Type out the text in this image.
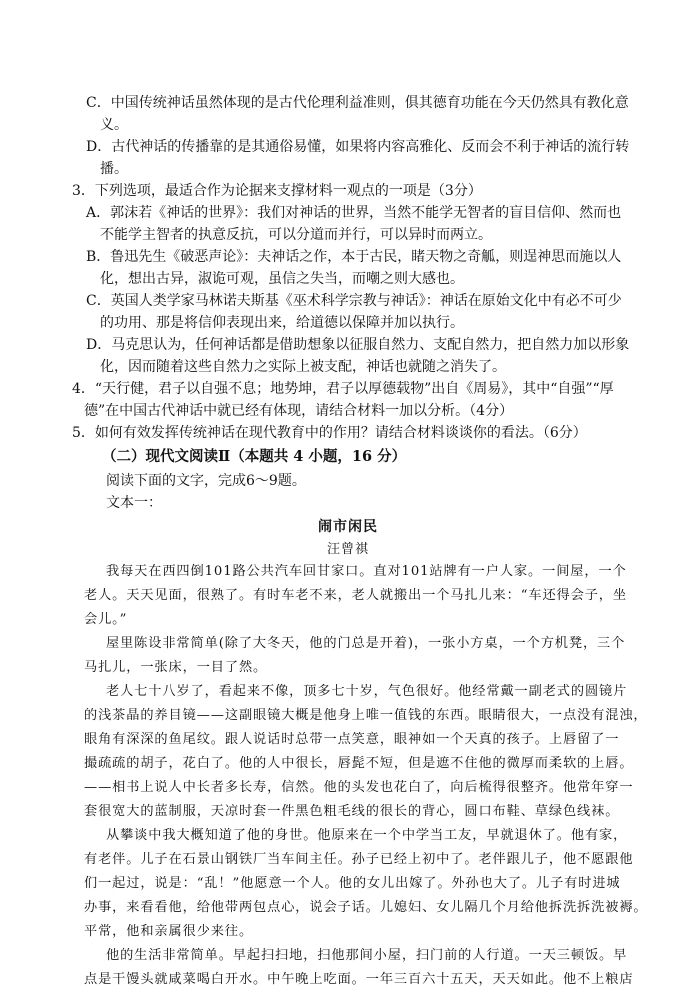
C．中国传统神话虽然体现的是古代伦理利益准则，俱其德育功能在今天仍然具有教化意
义。
D．古代神话的传播靠的是其通俗易懂，如果将内容高雅化、反而会不利于神话的流行转
播。
3．下列选项，最适合作为论据来支撑材料一观点的一项是（3分）
A．郭沫若《神话的世界》：我们对神话的世界，当然不能学无智者的盲目信仰、然而也
不能学主智者的执意反抗，可以分道而并行，可以异时而两立。
B．鲁迅先生《破恶声论》：夫神话之作，本于古民，睹天物之奇觚，则逞神思而施以人
化，想出古异，淑诡可观，虽信之失当，而嘲之则大感也。
C．英国人类学家马林诺夫斯基《巫术科学宗教与神话》：神话在原始文化中有必不可少
的功用、那是将信仰表现出来，给道德以保障并加以执行。
D．马克思认为，任何神话都是借助想象以征服自然力、支配自然力，把自然力加以形象
化，因而随着这些自然力之实际上被支配，神话也就随之消失了。
4．“天行健，君子以自强不息；地势坤，君子以厚德载物”出自《周易》，其中“自强”“厚
德”在中国古代神话中就已经有体现，请结合材料一加以分析。（4分）
5．如何有效发挥传统神话在现代教育中的作用？请结合材料谈谈你的看法。（6分）
（二）现代文阅读Ⅱ（本题共 4 小题，16 分）
阅读下面的文字，完成6～9题。
文本一：
闹市闲民
汪曾祺
我每天在西四倒101路公共汽车回甘家口。直对101站牌有一户人家。一间屋，一个
老人。天天见面，很熟了。有时车老不来，老人就搬出一个马扎儿来：“车还得会子，坐
会儿。”
屋里陈设非常简单(除了大冬天，他的门总是开着)，一张小方桌，一个方机凳，三个
马扎儿，一张床，一目了然。
老人七十八岁了，看起来不像，顶多七十岁，气色很好。他经常戴一副老式的圆镜片
的浅茶晶的养目镜——这副眼镜大概是他身上唯一值钱的东西。眼睛很大，一点没有混浊，
眼角有深深的鱼尾纹。跟人说话时总带一点笑意，眼神如一个天真的孩子。上唇留了一
撮疏疏的胡子，花白了。他的人中很长，唇髭不短，但是遮不住他的微厚而柔软的上唇。
——相书上说人中长者多长寿，信然。他的头发也花白了，向后梳得很整齐。他常年穿一
套很宽大的蓝制服，天凉时套一件黑色粗毛线的很长的背心，圆口布鞋、草绿色线袜。
从攀谈中我大概知道了他的身世。他原来在一个中学当工友，早就退休了。他有家，
有老伴。儿子在石景山钢铁厂当车间主任。孙子已经上初中了。老伴跟儿子，他不愿跟他
们一起过，说是：“乱！”他愿意一个人。他的女儿出嫁了。外孙也大了。儿子有时进城
办事，来看看他，给他带两包点心，说会子话。儿媳妇、女儿隔几个月给他拆洗拆洗被褥。
平常，他和亲属很少来往。
他的生活非常简单。早起扫扫地，扫他那间小屋，扫门前的人行道。一天三顿饭。早
点是干馒头就咸菜喝白开水。中午晚上吃面。一年三百六十五天，天天如此。他不上粮店
